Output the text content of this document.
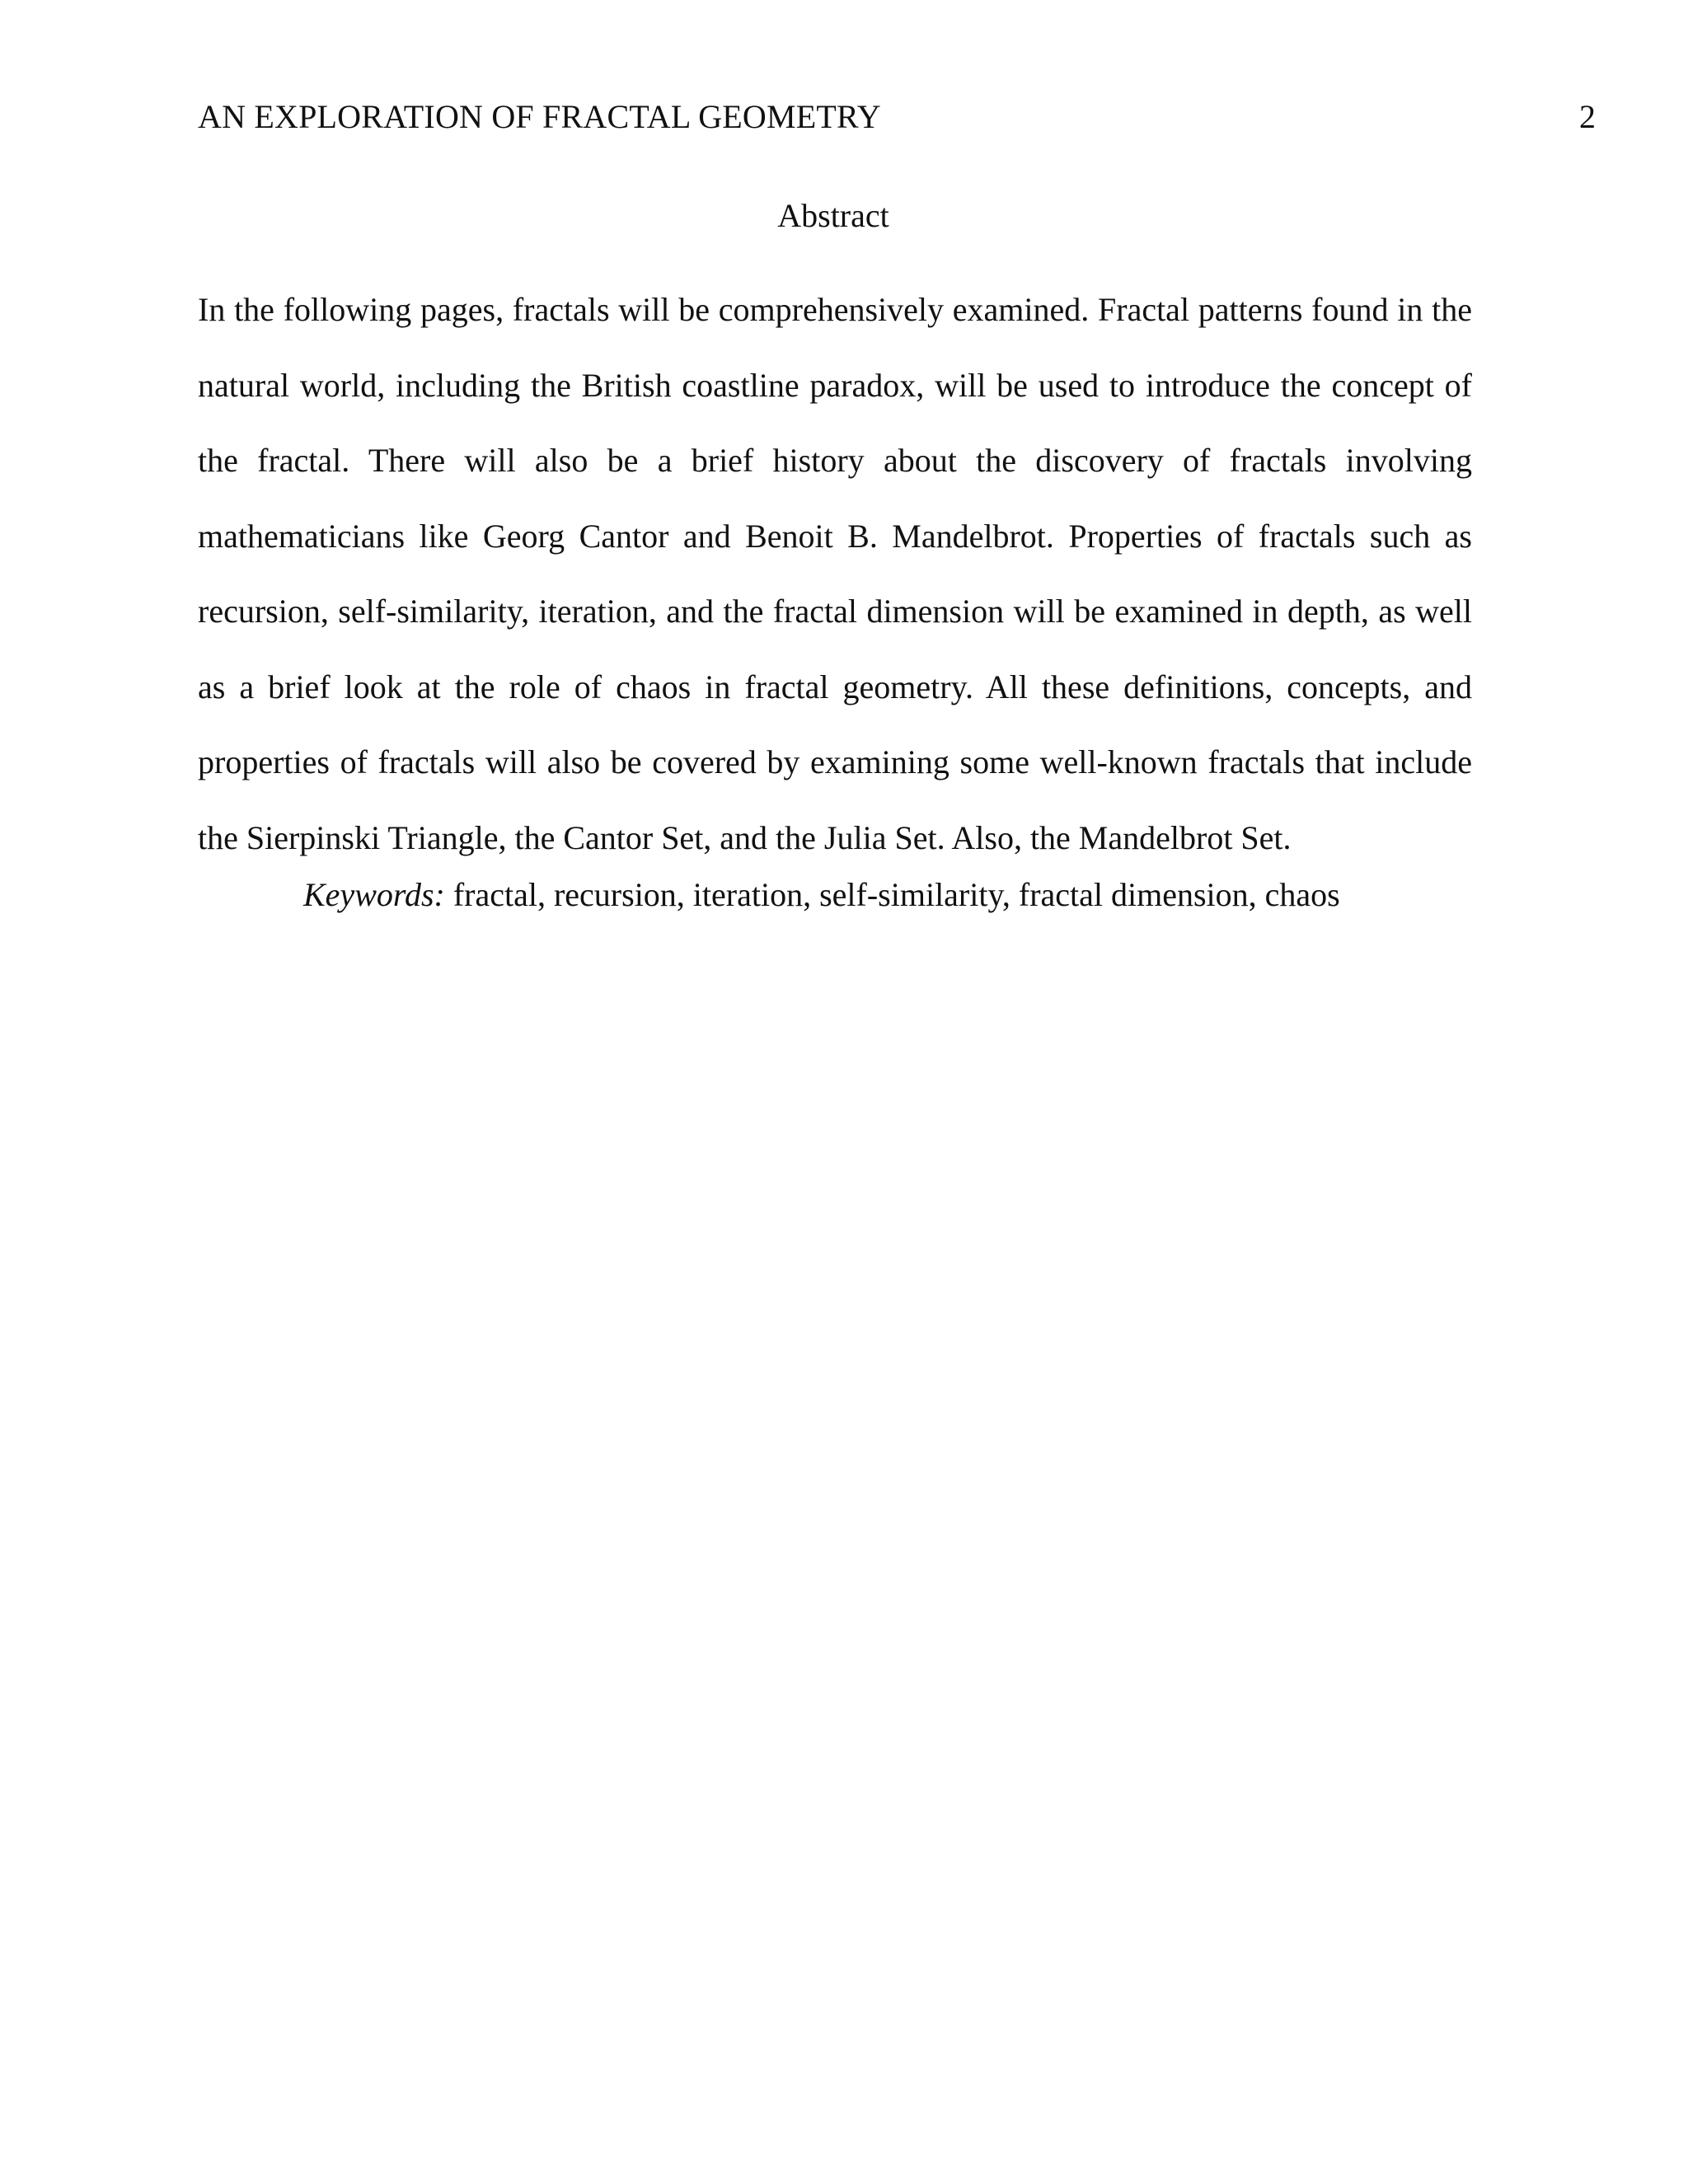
AN EXPLORATION OF FRACTAL GEOMETRY	2
Abstract

In the following pages, fractals will be comprehensively examined. Fractal patterns found in the
natural world, including the British coastline paradox, will be used to introduce the concept of
the fractal. There will also be a brief history about the discovery of fractals involving
mathematicians like Georg Cantor and Benoit B. Mandelbrot. Properties of fractals such as
recursion, self-similarity, iteration, and the fractal dimension will be examined in depth, as well
as a brief look at the role of chaos in fractal geometry. All these definitions, concepts, and
properties of fractals will also be covered by examining some well-known fractals that include
the Sierpinski Triangle, the Cantor Set, and the Julia Set. Also, the Mandelbrot Set.

Keywords: fractal, recursion, iteration, self-similarity, fractal dimension, chaos
